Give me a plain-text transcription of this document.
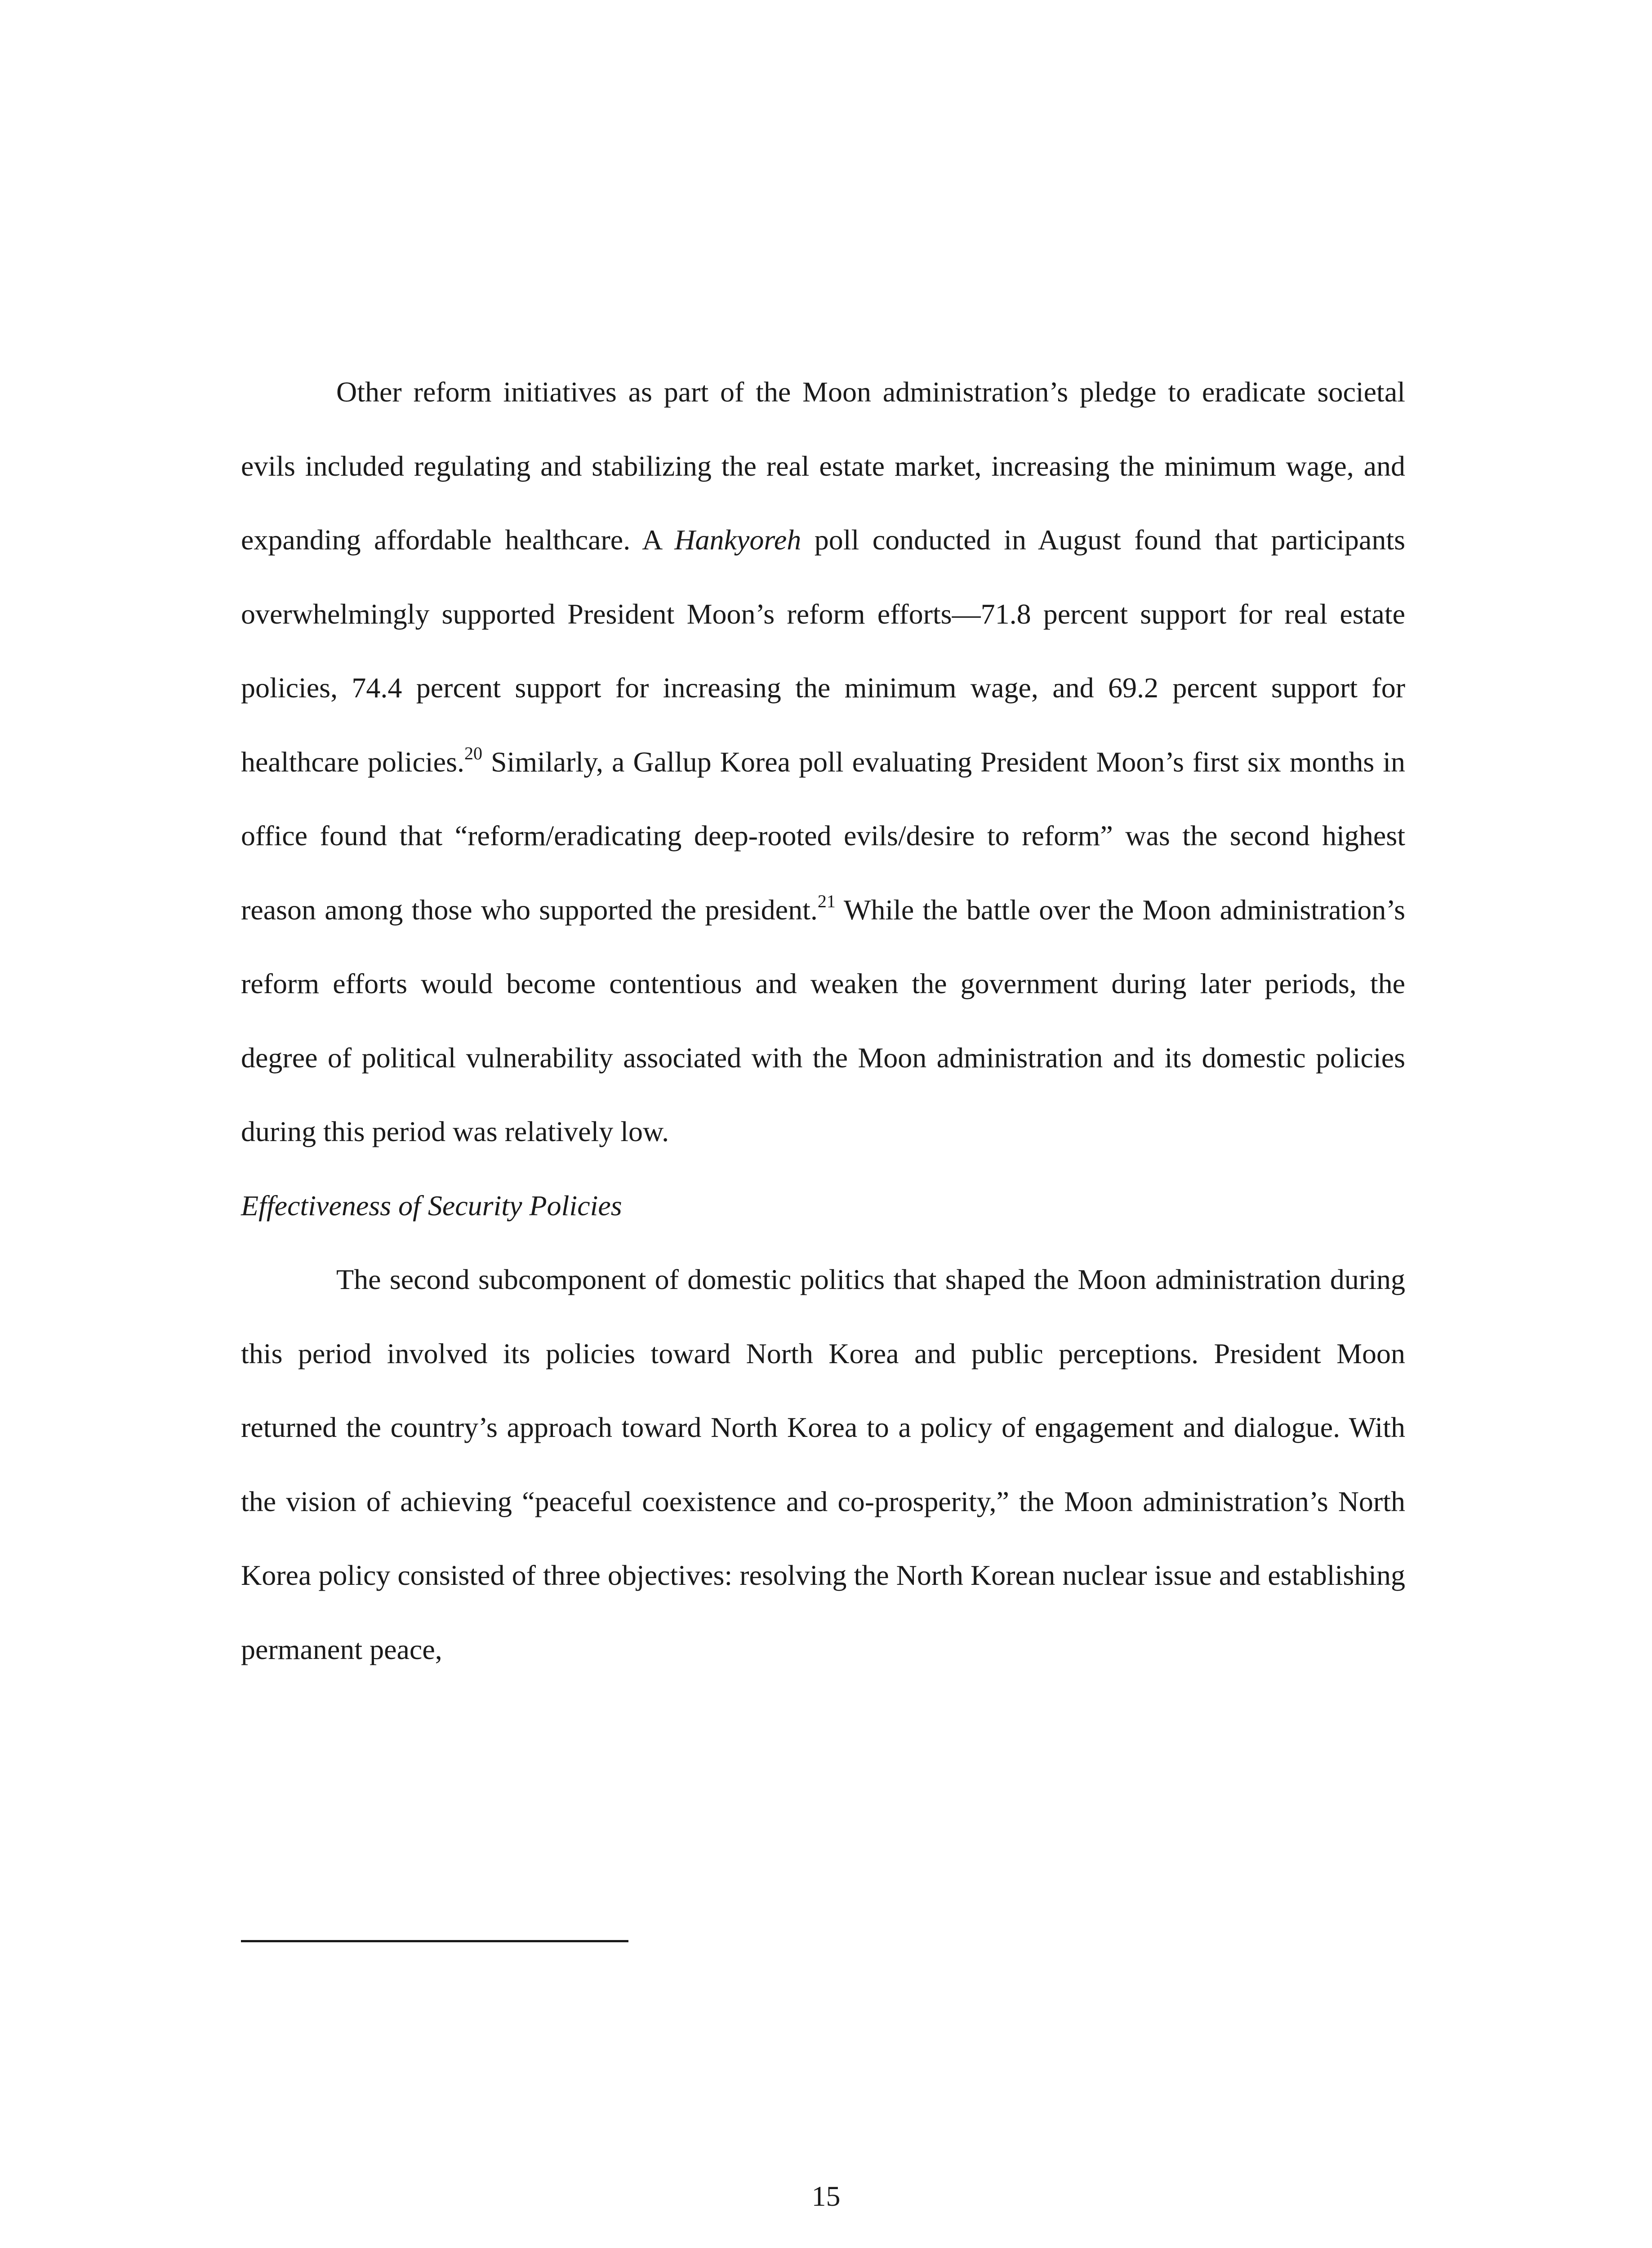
Other reform initiatives as part of the Moon administration’s pledge to eradicate societal evils included regulating and stabilizing the real estate market, increasing the minimum wage, and expanding affordable healthcare. A Hankyoreh poll conducted in August found that participants overwhelmingly supported President Moon’s reform efforts—71.8 percent support for real estate policies, 74.4 percent support for increasing the minimum wage, and 69.2 percent support for healthcare policies.$^{20}$ Similarly, a Gallup Korea poll evaluating President Moon’s first six months in office found that “reform/eradicating deep-rooted evils/desire to reform” was the second highest reason among those who supported the president.$^{21}$ While the battle over the Moon administration’s reform efforts would become contentious and weaken the government during later periods, the degree of political vulnerability associated with the Moon administration and its domestic policies during this period was relatively low.

Effectiveness of Security Policies

The second subcomponent of domestic politics that shaped the Moon administration during this period involved its policies toward North Korea and public perceptions. President Moon returned the country’s approach toward North Korea to a policy of engagement and dialogue. With the vision of achieving “peaceful coexistence and co-prosperity,” the Moon administration’s North Korea policy consisted of three objectives: resolving the North Korean nuclear issue and establishing permanent peace,

15
